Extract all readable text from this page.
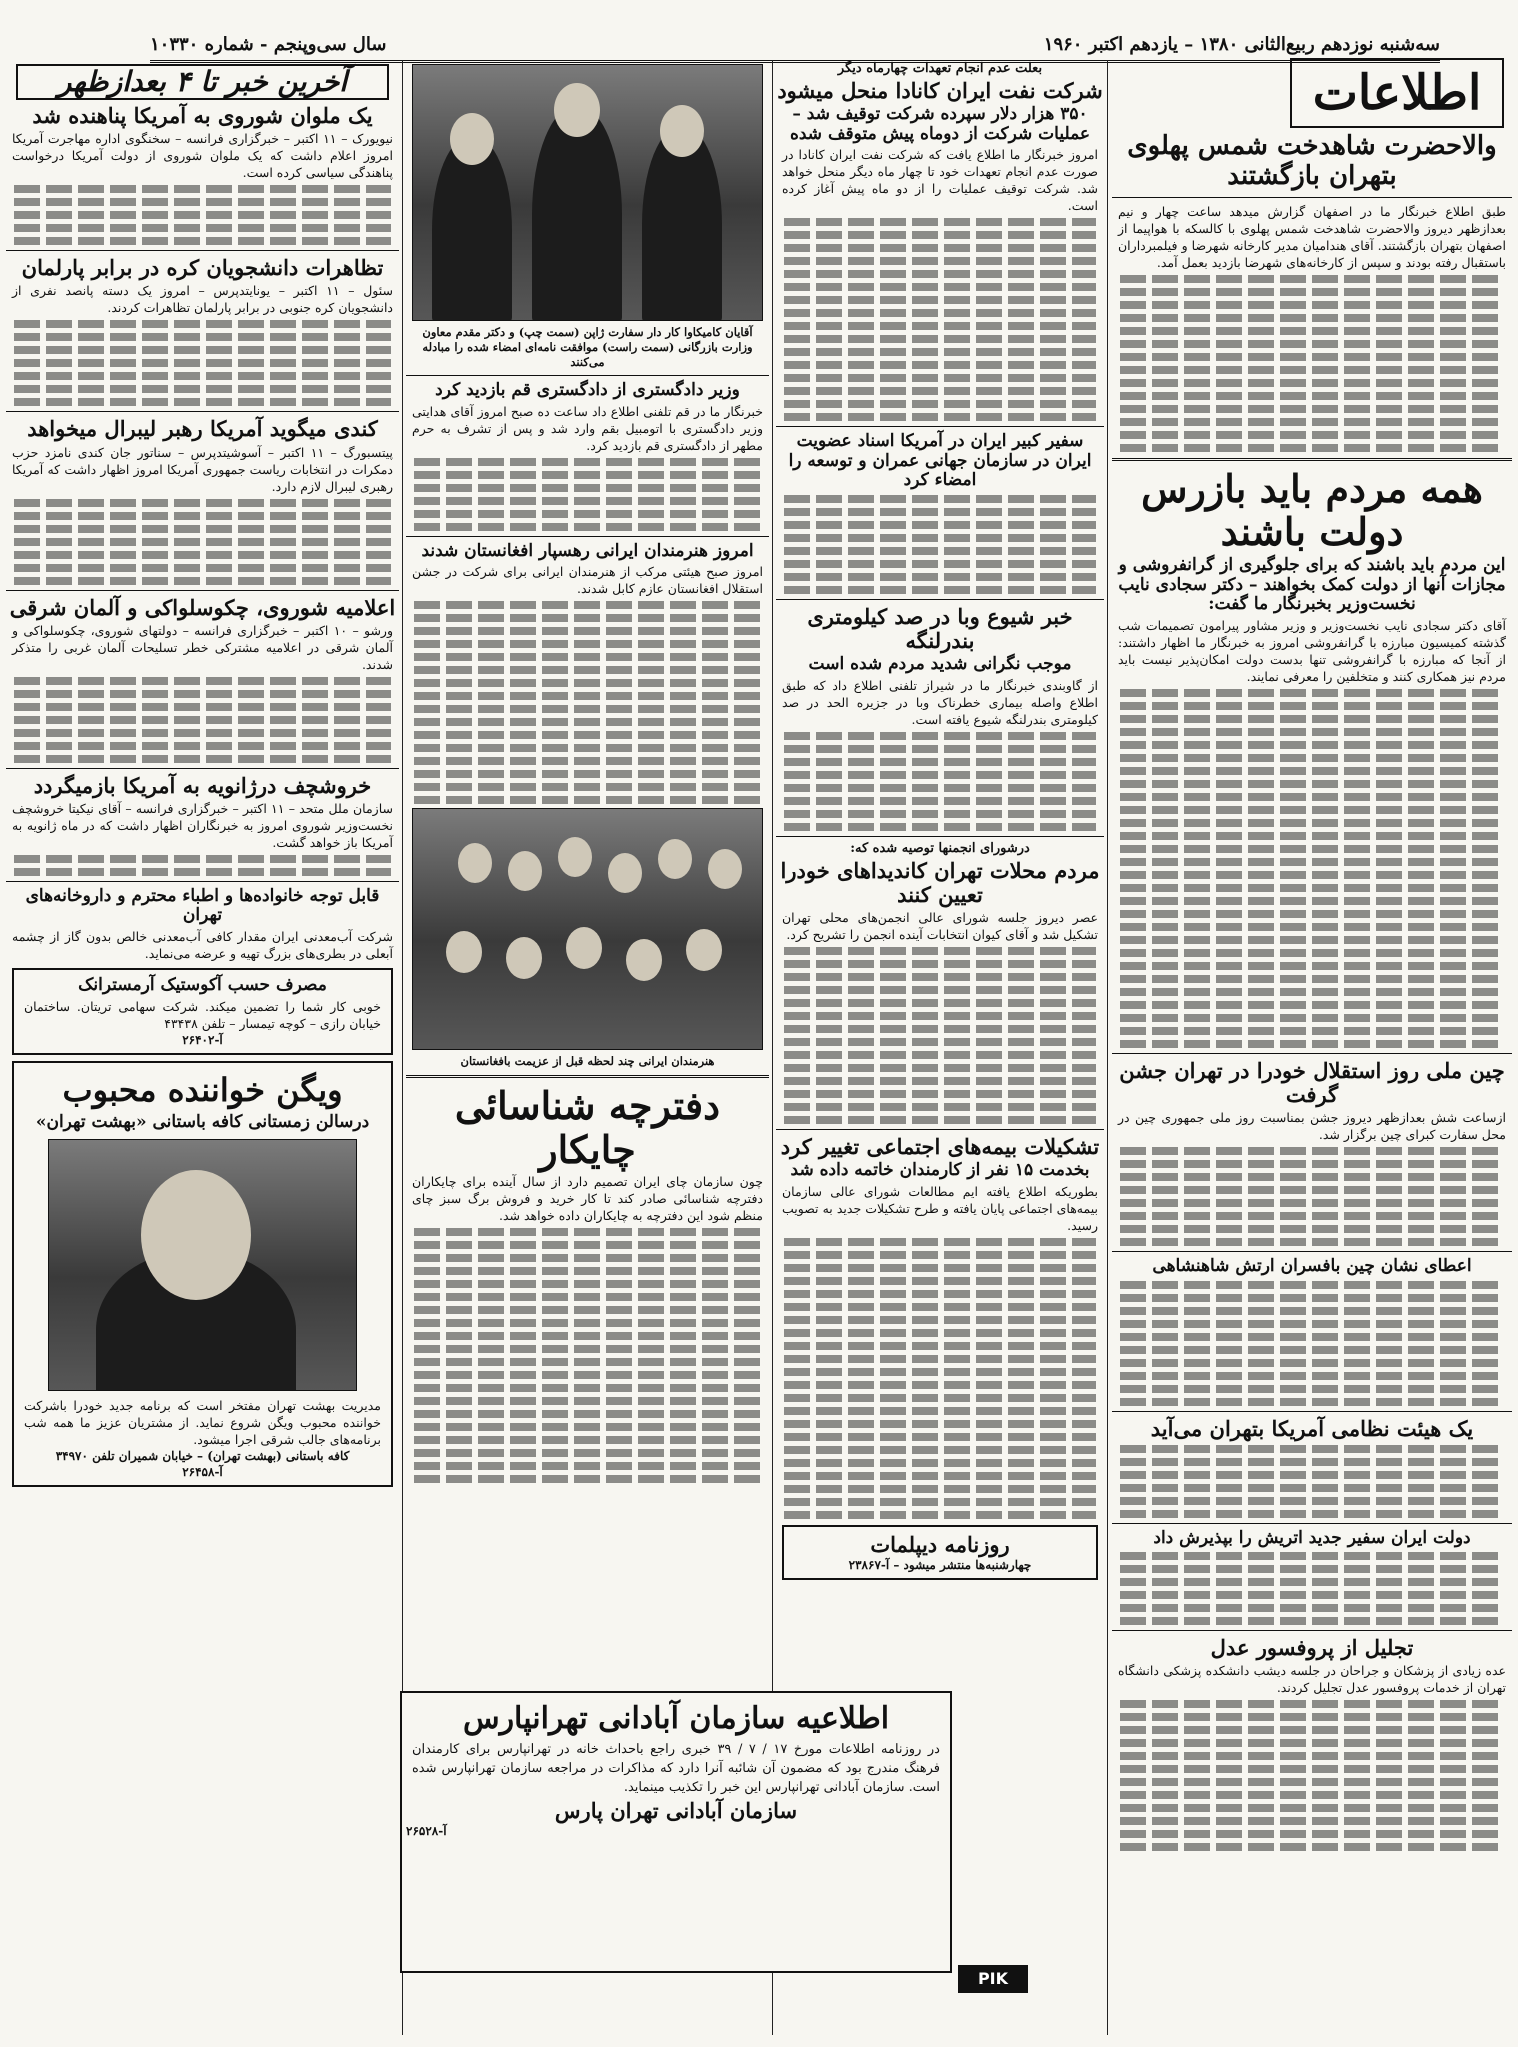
سه‌شنبه نوزدهم ربیع‌الثانی ۱۳۸۰ – یازدهم اکتبر ۱۹۶۰
سال سی‌وپنجم - شماره ۱۰۳۳۰
اطلاعات
والاحضرت شاهدخت شمس پهلوی بتهران بازگشتند
طبق اطلاع خبرنگار ما در اصفهان گزارش میدهد ساعت چهار و نیم بعدازظهر دیروز والاحضرت شاهدخت شمس پهلوی با کالسکه با هواپیما از اصفهان بتهران بازگشتند. آقای هندامیان مدیر کارخانه شهرضا و فیلمبرداران باستقبال رفته بودند و سپس از کارخانه‌های شهرضا بازدید بعمل آمد.
همه مردم باید بازرس دولت باشند
این مردم باید باشند که برای جلوگیری از گرانفروشی و مجازات آنها از دولت کمک بخواهند – دکتر سجادی نایب نخست‌وزیر بخبرنگار ما گفت:
آقای دکتر سجادی نایب نخست‌وزیر و وزیر مشاور پیرامون تصمیمات شب گذشته کمیسیون مبارزه با گرانفروشی امروز به خبرنگار ما اظهار داشتند: از آنجا که مبارزه با گرانفروشی تنها بدست دولت امکان‌پذیر نیست باید مردم نیز همکاری کنند و متخلفین را معرفی نمایند.
چین ملی روز استقلال خودرا در تهران جشن گرفت
ازساعت شش بعدازظهر دیروز جشن بمناسبت روز ملی جمهوری چین در محل سفارت کبرای چین برگزار شد.
اعطای نشان چین بافسران ارتش شاهنشاهی
یک هیئت نظامی آمریکا بتهران می‌آید
دولت ایران سفیر جدید اتریش را بپذیرش داد
تجلیل از پروفسور عدل
عده زیادی از پزشکان و جراحان در جلسه دیشب دانشکده پزشکی دانشگاه تهران از خدمات پروفسور عدل تجلیل کردند.
بعلت عدم انجام تعهدات چهارماه دیگر
شرکت نفت ایران کانادا منحل میشود
۳۵۰ هزار دلار سپرده شرکت توقیف شد – عملیات شرکت از دوماه پیش متوقف شده
امروز خبرنگار ما اطلاع یافت که شرکت نفت ایران کانادا در صورت عدم انجام تعهدات خود تا چهار ماه دیگر منحل خواهد شد. شرکت توقیف عملیات را از دو ماه پیش آغاز کرده است.
سفیر کبیر ایران در آمریکا اسناد عضویت ایران در سازمان جهانی عمران و توسعه را امضاء کرد
خبر شیوع وبا در صد کیلومتری بندرلنگه
موجب نگرانی شدید مردم شده است
از گاوبندی خبرنگار ما در شیراز تلفنی اطلاع داد که طبق اطلاع واصله بیماری خطرناک وبا در جزیره الحد در صد کیلومتری بندرلنگه شیوع یافته است.
درشورای انجمنها توصیه شده که:
مردم محلات تهران کاندیداهای خودرا تعیین کنند
عصر دیروز جلسه شورای عالی انجمن‌های محلی تهران تشکیل شد و آقای کیوان انتخابات آینده انجمن را تشریح کرد.
تشکیلات بیمه‌های اجتماعی تغییر کرد
بخدمت ۱۵ نفر از کارمندان خاتمه داده شد
بطوریکه اطلاع یافته ایم مطالعات شورای عالی سازمان بیمه‌های اجتماعی پایان یافته و طرح تشکیلات جدید به تصویب رسید.
روزنامه دیپلمات
چهارشنبه‌ها منتشر میشود – آ-۲۳۸۶۷
آقایان کامیکاوا کار دار سفارت ژاپن (سمت چپ) و دکتر مقدم معاون وزارت بازرگانی (سمت راست) موافقت نامه‌ای امضاء شده را مبادله می‌کنند
وزیر دادگستری از دادگستری قم بازدید کرد
خبرنگار ما در قم تلفنی اطلاع داد ساعت ده صبح امروز آقای هدایتی وزیر دادگستری با اتومبیل بقم وارد شد و پس از تشرف به حرم مطهر از دادگستری قم بازدید کرد.
امروز هنرمندان ایرانی رهسپار افغانستان شدند
امروز صبح هیئتی مرکب از هنرمندان ایرانی برای شرکت در جشن استقلال افغانستان عازم کابل شدند.
هنرمندان ایرانی چند لحظه قبل از عزیمت بافغانستان
دفترچه شناسائی چایکار
چون سازمان چای ایران تصمیم دارد از سال آینده برای چایکاران دفترچه شناسائی صادر کند تا کار خرید و فروش برگ سبز چای منظم شود این دفترچه به چایکاران داده خواهد شد.
اطلاعیه سازمان آبادانی تهرانپارس
در روزنامه اطلاعات مورخ ۱۷ / ۷ / ۳۹ خبری راجع باحداث خانه در تهرانپارس برای کارمندان فرهنگ مندرج بود که مضمون آن شائبه آنرا دارد که مذاکرات در مراجعه سازمان تهرانپارس شده است. سازمان آبادانی تهرانپارس این خبر را تکذیب مینماید.
سازمان آبادانی تهران پارس
آ-۲۶۵۲۸
PIK
آخرین خبر تا ۴ بعدازظهر
یک ملوان شوروی به آمریکا پناهنده شد
نیویورک – ۱۱ اکتبر – خبرگزاری فرانسه – سخنگوی اداره مهاجرت آمریکا امروز اعلام داشت که یک ملوان شوروی از دولت آمریکا درخواست پناهندگی سیاسی کرده است.
تظاهرات دانشجویان کره در برابر پارلمان
سئول – ۱۱ اکتبر – یونایتدپرس – امروز یک دسته پانصد نفری از دانشجویان کره جنوبی در برابر پارلمان تظاهرات کردند.
کندی میگوید آمریکا رهبر لیبرال میخواهد
پیتسبورگ – ۱۱ اکتبر – آسوشیتدپرس – سناتور جان کندی نامزد حزب دمکرات در انتخابات ریاست جمهوری آمریکا امروز اظهار داشت که آمریکا رهبری لیبرال لازم دارد.
اعلامیه شوروی، چکوسلواکی و آلمان شرقی
ورشو – ۱۰ اکتبر – خبرگزاری فرانسه – دولتهای شوروی، چکوسلواکی و آلمان شرقی در اعلامیه مشترکی خطر تسلیحات آلمان غربی را متذکر شدند.
خروشچف درژانویه به آمریکا بازمیگردد
سازمان ملل متحد – ۱۱ اکتبر – خبرگزاری فرانسه – آقای نیکیتا خروشچف نخست‌وزیر شوروی امروز به خبرنگاران اظهار داشت که در ماه ژانویه به آمریکا باز خواهد گشت.
قابل توجه خانواده‌ها و اطباء محترم و داروخانه‌های تهران
شرکت آب‌معدنی ایران مقدار کافی آب‌معدنی خالص بدون گاز از چشمه آبعلی در بطری‌های بزرگ تهیه و عرضه می‌نماید.
مصرف حسب آکوستیک آرمسترانک
خوبی کار شما را تضمین میکند. شرکت سهامی تریتان. ساختمان خیابان رازی – کوچه تیمسار – تلفن ۴۳۴۳۸
آ-۲۶۴۰۲
ویگن خواننده محبوب
درسالن زمستانی کافه باستانی «بهشت تهران»
مدیریت بهشت تهران مفتخر است که برنامه جدید خودرا باشرکت خواننده محبوب ویگن شروع نماید. از مشتریان عزیز ما همه شب برنامه‌های جالب شرقی اجرا میشود.
کافه باستانی (بهشت تهران) – خیابان شمیران تلفن ۳۴۹۷۰
آ-۲۶۴۵۸
